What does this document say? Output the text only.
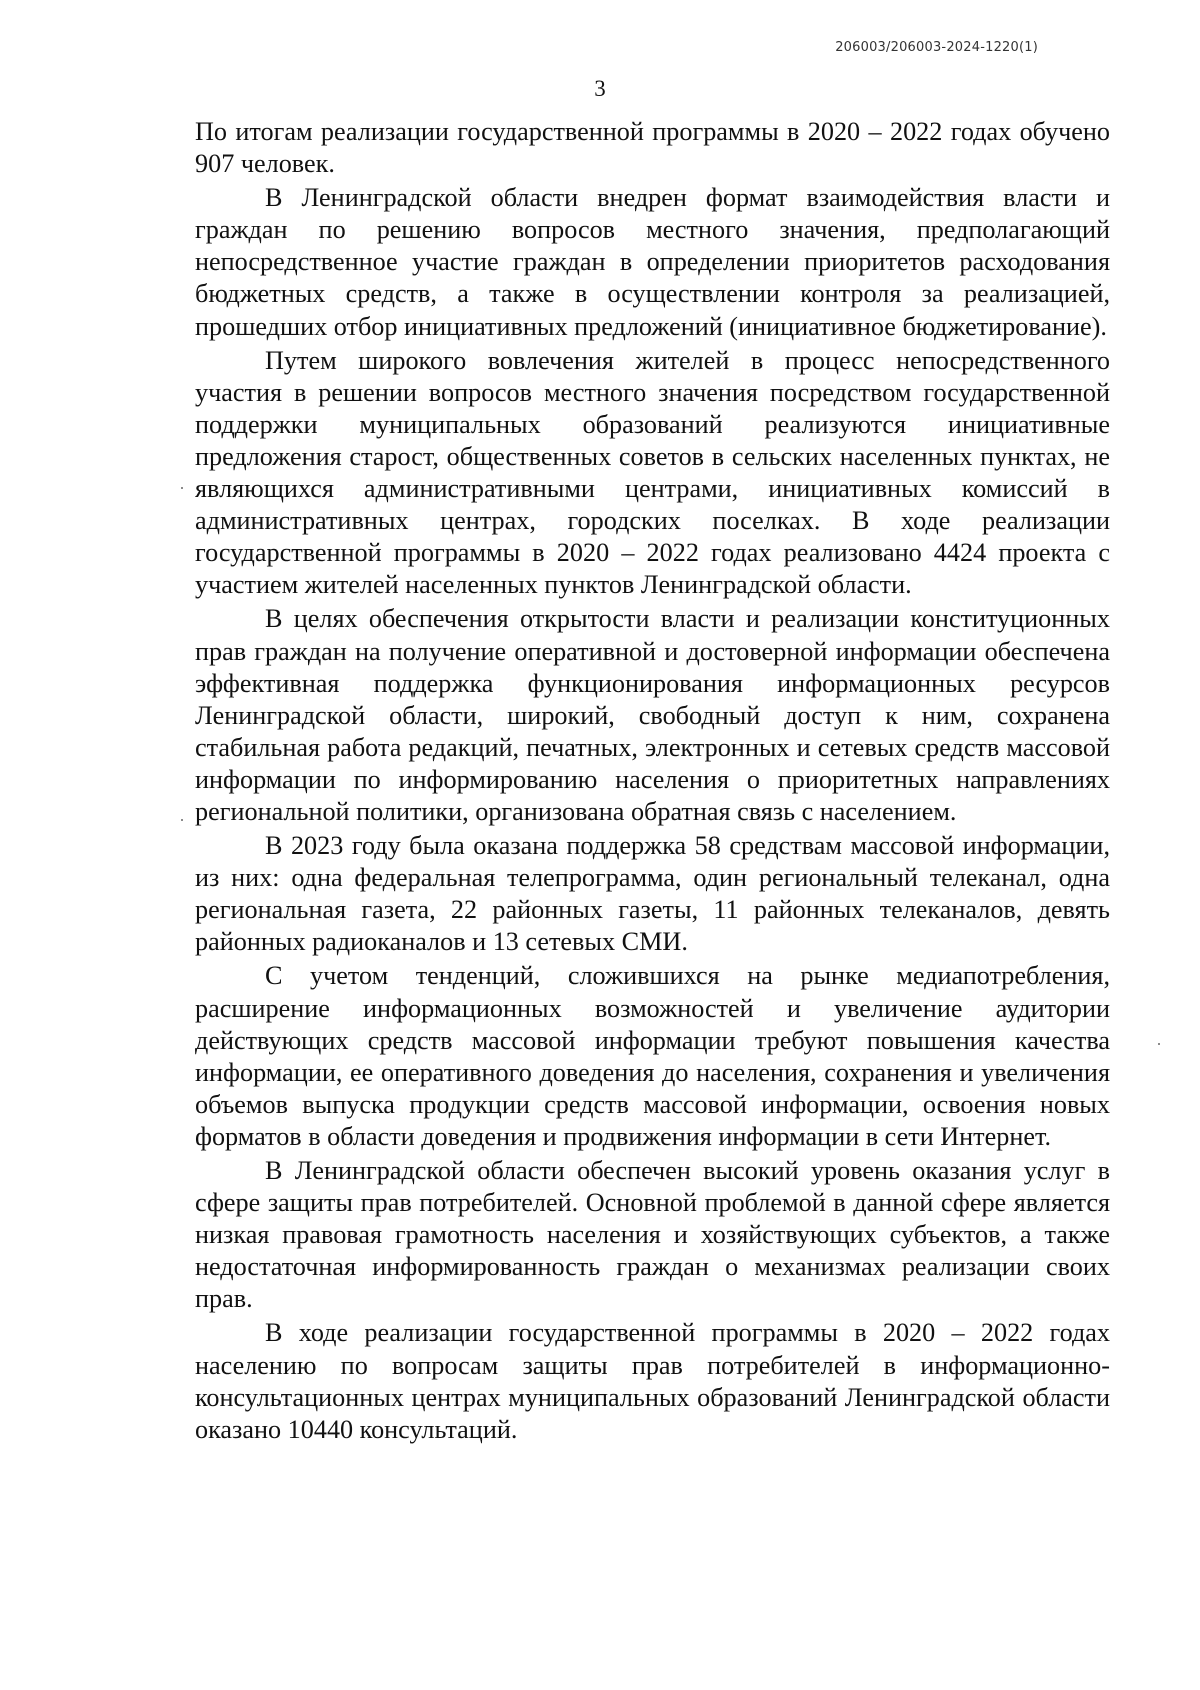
206003/206003-2024-1220(1)
3

По итогам реализации государственной программы в 2020 – 2022 годах обучено 907 человек.

В Ленинградской области внедрен формат взаимодействия власти и граждан по решению вопросов местного значения, предполагающий непосредственное участие граждан в определении приоритетов расходования бюджетных средств, а также в осуществлении контроля за реализацией, прошедших отбор инициативных предложений (инициативное бюджетирование).

Путем широкого вовлечения жителей в процесс непосредственного участия в решении вопросов местного значения посредством государственной поддержки муниципальных образований реализуются инициативные предложения старост, общественных советов в сельских населенных пунктах, не являющихся административными центрами, инициативных комиссий в административных центрах, городских поселках. В ходе реализации государственной программы в 2020 – 2022 годах реализовано 4424 проекта с участием жителей населенных пунктов Ленинградской области.

В целях обеспечения открытости власти и реализации конституционных прав граждан на получение оперативной и достоверной информации обеспечена эффективная поддержка функционирования информационных ресурсов Ленинградской области, широкий, свободный доступ к ним, сохранена стабильная работа редакций, печатных, электронных и сетевых средств массовой информации по информированию населения о приоритетных направлениях региональной политики, организована обратная связь с населением.

В 2023 году была оказана поддержка 58 средствам массовой информации, из них: одна федеральная телепрограмма, один региональный телеканал, одна региональная газета, 22 районных газеты, 11 районных телеканалов, девять районных радиоканалов и 13 сетевых СМИ.

С учетом тенденций, сложившихся на рынке медиапотребления, расширение информационных возможностей и увеличение аудитории действующих средств массовой информации требуют повышения качества информации, ее оперативного доведения до населения, сохранения и увеличения объемов выпуска продукции средств массовой информации, освоения новых форматов в области доведения и продвижения информации в сети Интернет.

В Ленинградской области обеспечен высокий уровень оказания услуг в сфере защиты прав потребителей. Основной проблемой в данной сфере является низкая правовая грамотность населения и хозяйствующих субъектов, а также недостаточная информированность граждан о механизмах реализации своих прав.

В ходе реализации государственной программы в 2020 – 2022 годах населению по вопросам защиты прав потребителей в информационно-консультационных центрах муниципальных образований Ленинградской области оказано 10440 консультаций.
